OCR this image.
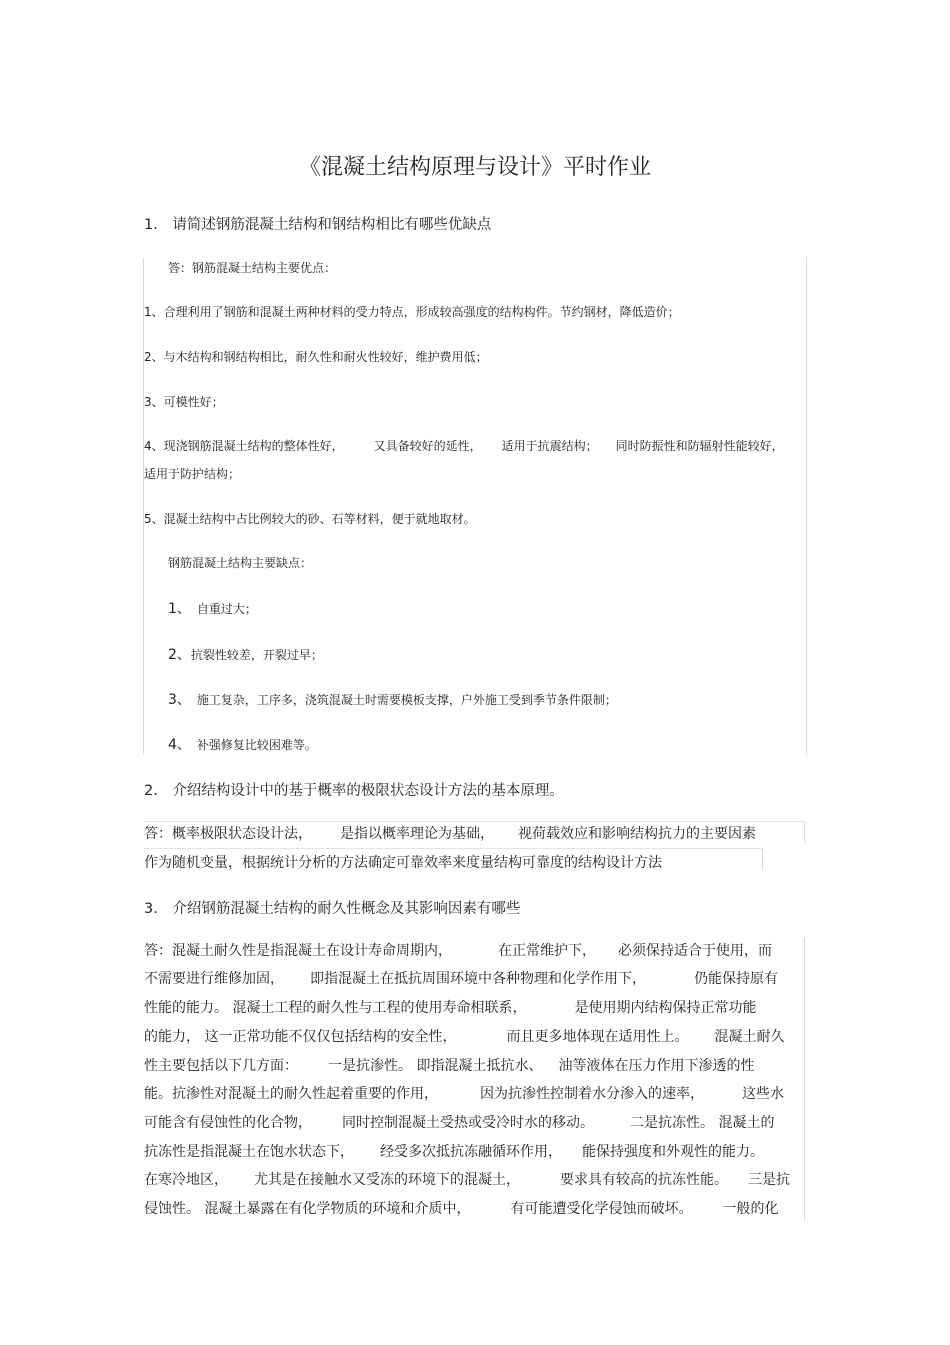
《混凝土结构原理与设计》平时作业
1.　请简述钢筋混凝土结构和钢结构相比有哪些优缺点
答：钢筋混凝土结构主要优点：
1、合理利用了钢筋和混凝土两种材料的受力特点，形成较高强度的结构构件。节约钢材，降低造价；
2、与木结构和钢结构相比，耐久性和耐火性较好，维护费用低；
3、可模性好；
4、现浇钢筋混凝土结构的整体性好，	又具备较好的延性， 适用于抗震结构； 同时防振性和防辐射性能较好，
适用于防护结构；
5、混凝土结构中占比例较大的砂、石等材料，便于就地取材。
钢筋混凝土结构主要缺点：
1、 自重过大；
2、抗裂性较差，开裂过早；
3、 施工复杂，工序多，浇筑混凝土时需要模板支撑，户外施工受到季节条件限制；
4、 补强修复比较困难等。
2.　介绍结构设计中的基于概率的极限状态设计方法的基本原理。
答：概率极限状态设计法， 是指以概率理论为基础， 视荷载效应和影响结构抗力的主要因素
作为随机变量，根据统计分析的方法确定可靠效率来度量结构可靠度的结构设计方法
3.　介绍钢筋混凝土结构的耐久性概念及其影响因素有哪些
答：混凝土耐久性是指混凝土在设计寿命周期内，	在正常维护下， 必须保持适合于使用，而
不需要进行维修加固， 即指混凝土在抵抗周围环境中各种物理和化学作用下，	仍能保持原有
性能的能力。 混凝土工程的耐久性与工程的使用寿命相联系，	是使用期内结构保持正常功能
的能力， 这一正常功能不仅仅包括结构的安全性，	而且更多地体现在适用性上。 混凝土耐久
性主要包括以下几方面： 一是抗渗性。 即指混凝土抵抗水、 油等液体在压力作用下渗透的性
能。抗渗性对混凝土的耐久性起着重要的作用，	因为抗渗性控制着水分渗入的速率，	这些水
可能含有侵蚀性的化合物， 同时控制混凝土受热或受冷时水的移动。	二是抗冻性。 混凝土的
抗冻性是指混凝土在饱水状态下， 经受多次抵抗冻融循环作用， 能保持强度和外观性的能力。
在寒冷地区， 尤其是在接触水又受冻的环境下的混凝土，	要求具有较高的抗冻性能。 三是抗
侵蚀性。 混凝土暴露在有化学物质的环境和介质中，	有可能遭受化学侵蚀而破坏。 一般的化
